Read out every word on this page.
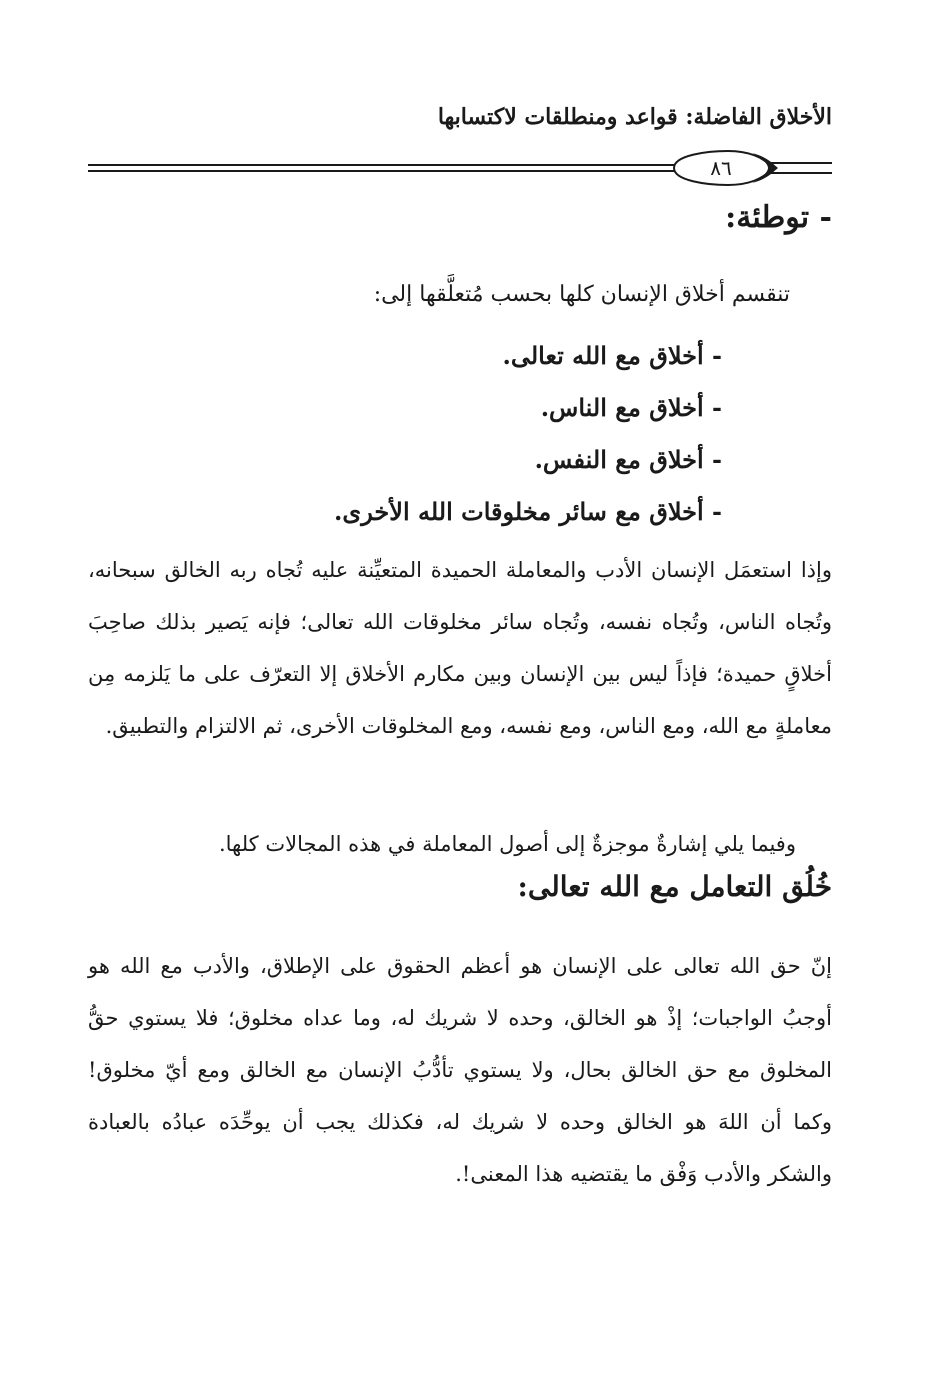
الأخلاق الفاضلة: قواعد ومنطلقات لاكتسابها
٨٦
- توطئة:
تنقسم أخلاق الإنسان كلها بحسب مُتعلَّقها إلى:
- أخلاق مع الله تعالى.
- أخلاق مع الناس.
- أخلاق مع النفس.
- أخلاق مع سائر مخلوقات الله الأخرى.

وإذا استعمَل الإنسان الأدب والمعاملة الحميدة المتعيِّنة عليه تُجاه ربه الخالق سبحانه، وتُجاه الناس، وتُجاه نفسه، وتُجاه سائر مخلوقات الله تعالى؛ فإنه يَصير بذلك صاحِبَ أخلاقٍ حميدة؛ فإذاً ليس بين الإنسان وبين مكارم الأخلاق إلا التعرّف على ما يَلزمه مِن معاملةٍ مع الله، ومع الناس، ومع نفسه، ومع المخلوقات الأخرى، ثم الالتزام والتطبيق.

وفيما يلي إشارةٌ موجزةٌ إلى أصول المعاملة في هذه المجالات كلها.

خُلُق التعامل مع الله تعالى:

إنّ حق الله تعالى على الإنسان هو أعظم الحقوق على الإطلاق، والأدب مع الله هو أوجبُ الواجبات؛ إذْ هو الخالق، وحده لا شريك له، وما عداه مخلوق؛ فلا يستوي حقُّ المخلوق مع حق الخالق بحال، ولا يستوي تأدُّبُ الإنسان مع الخالق ومع أيّ مخلوق! وكما أن اللهَ هو الخالق وحده لا شريك له، فكذلك يجب أن يوحِّدَه عبادُه بالعبادة والشكر والأدب وَفْق ما يقتضيه هذا المعنى!.
